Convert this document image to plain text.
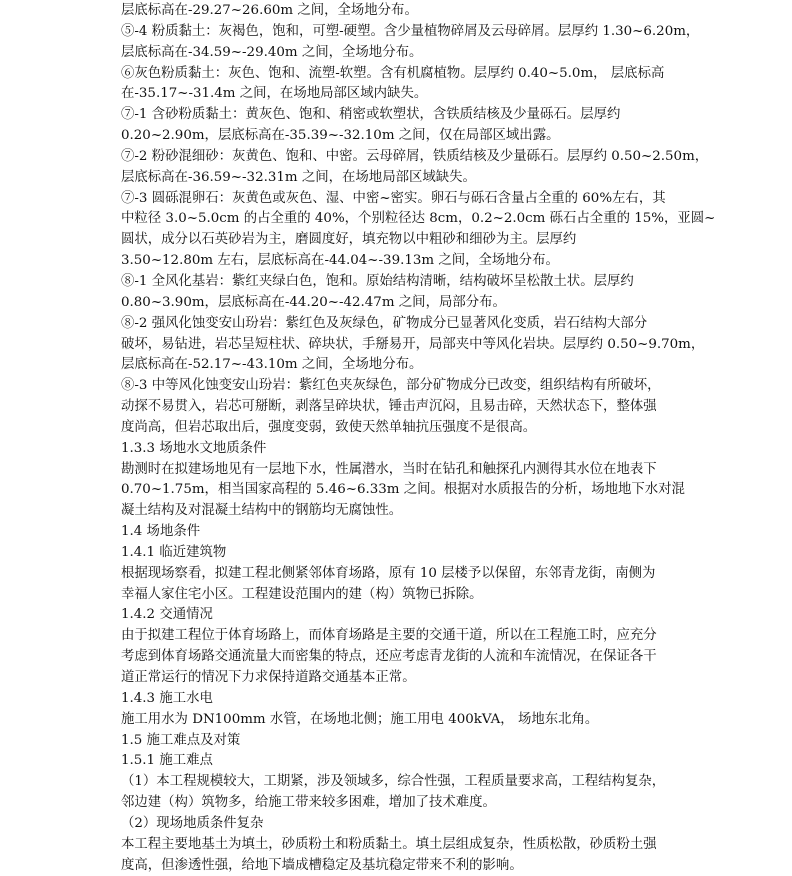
层底标高在-29.27~26.60m 之间，全场地分布。
⑤-4 粉质黏土：灰褐色，饱和，可塑-硬塑。含少量植物碎屑及云母碎屑。层厚约 1.30~6.20m，
层底标高在-34.59~-29.40m 之间，全场地分布。
⑥灰色粉质黏土：灰色、饱和、流塑-软塑。含有机腐植物。层厚约 0.40~5.0m， 层底标高
在-35.17~-31.4m 之间，在场地局部区域内缺失。
⑦-1 含砂粉质黏土：黄灰色、饱和、稍密或软塑状，含铁质结核及少量砾石。层厚约
0.20~2.90m，层底标高在-35.39~-32.10m 之间，仅在局部区域出露。
⑦-2 粉砂混细砂：灰黄色、饱和、中密。云母碎屑，铁质结核及少量砾石。层厚约 0.50~2.50m，
层底标高在-36.59~-32.31m 之间，在场地局部区域缺失。
⑦-3 圆砾混卵石：灰黄色或灰色、湿、中密~密实。卵石与砾石含量占全重的 60%左右，其
中粒径 3.0~5.0cm 的占全重的 40%，个别粒径达 8cm，0.2~2.0cm 砾石占全重的 15%，亚圆~
圆状，成分以石英砂岩为主，磨圆度好，填充物以中粗砂和细砂为主。层厚约
3.50~12.80m 左右，层底标高在-44.04~-39.13m 之间，全场地分布。
⑧-1 全风化基岩：紫红夹绿白色，饱和。原始结构清晰，结构破坏呈松散土状。层厚约
0.80~3.90m，层底标高在-44.20~-42.47m 之间，局部分布。
⑧-2 强风化蚀变安山玢岩：紫红色及灰绿色，矿物成分已显著风化变质，岩石结构大部分
破坏，易钻进，岩芯呈短柱状、碎块状，手掰易开，局部夹中等风化岩块。层厚约 0.50~9.70m，
层底标高在-52.17~-43.10m 之间，全场地分布。
⑧-3 中等风化蚀变安山玢岩：紫红色夹灰绿色，部分矿物成分已改变，组织结构有所破坏，
动探不易贯入，岩芯可掰断，剥落呈碎块状，锤击声沉闷，且易击碎，天然状态下，整体强
度尚高，但岩芯取出后，强度变弱，致使天然单轴抗压强度不是很高。
1.3.3 场地水文地质条件
勘测时在拟建场地见有一层地下水，性属潜水，当时在钻孔和触探孔内测得其水位在地表下
0.70~1.75m，相当国家高程的 5.46~6.33m 之间。根据对水质报告的分析，场地地下水对混
凝土结构及对混凝土结构中的钢筋均无腐蚀性。
1.4 场地条件
1.4.1 临近建筑物
根据现场察看，拟建工程北侧紧邻体育场路，原有 10 层楼予以保留，东邻青龙街，南侧为
幸福人家住宅小区。工程建设范围内的建（构）筑物已拆除。
1.4.2 交通情况
由于拟建工程位于体育场路上，而体育场路是主要的交通干道，所以在工程施工时，应充分
考虑到体育场路交通流量大而密集的特点，还应考虑青龙街的人流和车流情况，在保证各干
道正常运行的情况下力求保持道路交通基本正常。
1.4.3 施工水电
施工用水为 DN100mm 水管，在场地北侧；施工用电 400kVA， 场地东北角。
1.5 施工难点及对策
1.5.1 施工难点
（1）本工程规模较大，工期紧，涉及领域多，综合性强，工程质量要求高，工程结构复杂，
邻边建（构）筑物多，给施工带来较多困难，增加了技术难度。
（2）现场地质条件复杂
本工程主要地基土为填土，砂质粉土和粉质黏土。填土层组成复杂，性质松散，砂质粉土强
度高，但渗透性强，给地下墙成槽稳定及基坑稳定带来不利的影响。
